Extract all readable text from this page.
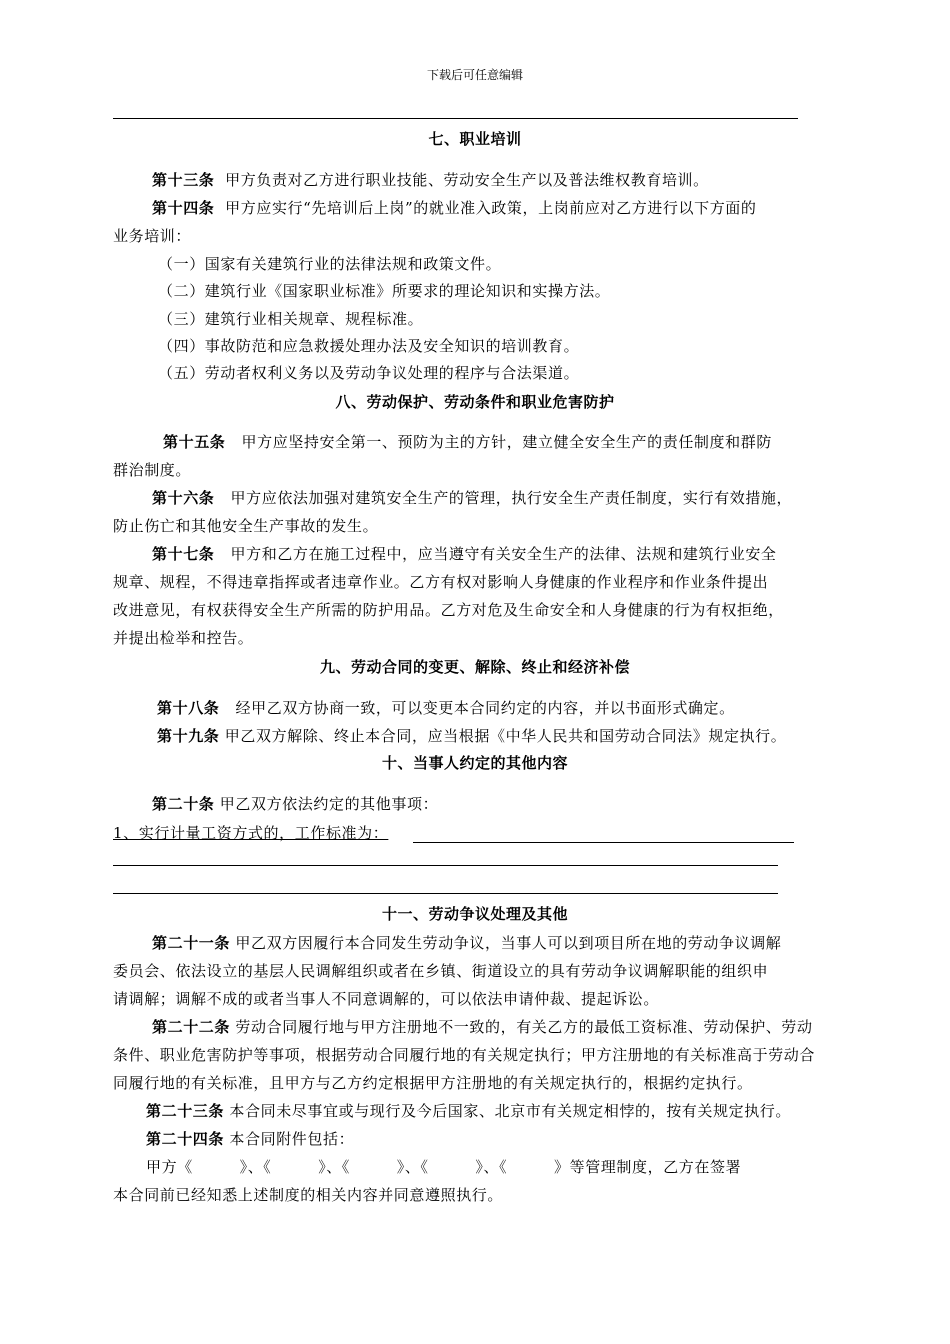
下载后可任意编辑
七、职业培训
第十三条 甲方负责对乙方进行职业技能、劳动安全生产以及普法维权教育培训。
第十四条 甲方应实行“先培训后上岗”的就业准入政策，上岗前应对乙方进行以下方面的
业务培训：
（一）国家有关建筑行业的法律法规和政策文件。
（二）建筑行业《国家职业标准》所要求的理论知识和实操方法。
（三）建筑行业相关规章、规程标准。
（四）事故防范和应急救援处理办法及安全知识的培训教育。
（五）劳动者权利义务以及劳动争议处理的程序与合法渠道。
八、劳动保护、劳动条件和职业危害防护
第十五条 甲方应坚持安全第一、预防为主的方针，建立健全安全生产的责任制度和群防
群治制度。
第十六条 甲方应依法加强对建筑安全生产的管理，执行安全生产责任制度，实行有效措施，
防止伤亡和其他安全生产事故的发生。
第十七条 甲方和乙方在施工过程中，应当遵守有关安全生产的法律、法规和建筑行业安全
规章、规程，不得违章指挥或者违章作业。乙方有权对影响人身健康的作业程序和作业条件提出
改进意见，有权获得安全生产所需的防护用品。乙方对危及生命安全和人身健康的行为有权拒绝，
并提出检举和控告。
九、劳动合同的变更、解除、终止和经济补偿
第十八条 经甲乙双方协商一致，可以变更本合同约定的内容，并以书面形式确定。
第十九条 甲乙双方解除、终止本合同，应当根据《中华人民共和国劳动合同法》规定执行。
十、当事人约定的其他内容
第二十条 甲乙双方依法约定的其他事项：
1、实行计量工资方式的，工作标准为：
十一、劳动争议处理及其他
第二十一条 甲乙双方因履行本合同发生劳动争议，当事人可以到项目所在地的劳动争议调解
委员会、依法设立的基层人民调解组织或者在乡镇、街道设立的具有劳动争议调解职能的组织申
请调解；调解不成的或者当事人不同意调解的，可以依法申请仲裁、提起诉讼。
第二十二条 劳动合同履行地与甲方注册地不一致的，有关乙方的最低工资标准、劳动保护、劳动
条件、职业危害防护等事项，根据劳动合同履行地的有关规定执行；甲方注册地的有关标准高于劳动合
同履行地的有关标准，且甲方与乙方约定根据甲方注册地的有关规定执行的，根据约定执行。
第二十三条 本合同未尽事宜或与现行及今后国家、北京市有关规定相悖的，按有关规定执行。
第二十四条 本合同附件包括：
甲方《　　　》、《　　　》、《　　　》、《　　　》、《　　　》等管理制度，乙方在签署
本合同前已经知悉上述制度的相关内容并同意遵照执行。
